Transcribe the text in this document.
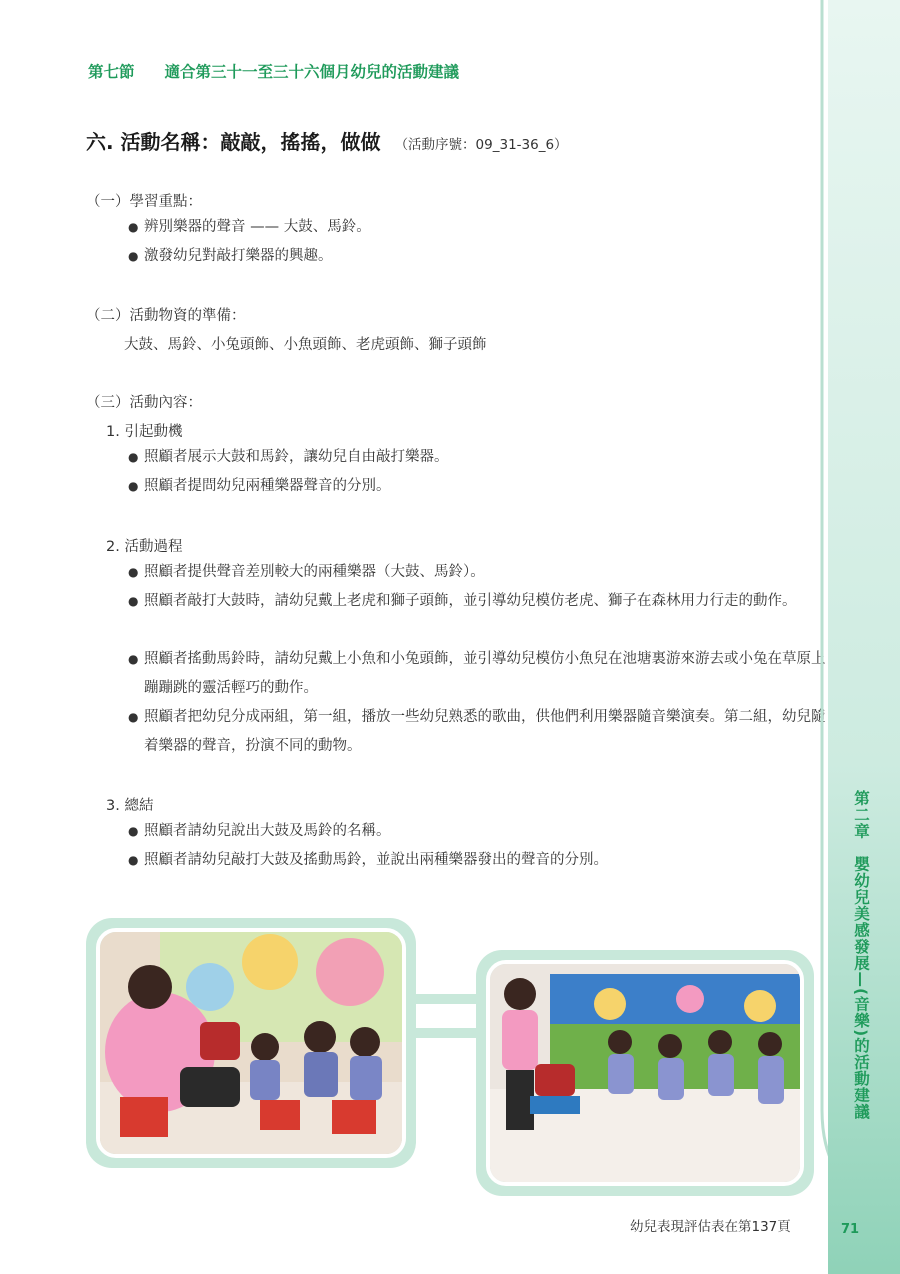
第七節 適合第三十一至三十六個月幼兒的活動建議
六. 活動名稱：敲敲，搖搖，做做 （活動序號：09_31-36_6）
（一）學習重點：
● 辨別樂器的聲音 —— 大鼓、馬鈴。
● 激發幼兒對敲打樂器的興趣。
（二）活動物資的準備：
大鼓、馬鈴、小兔頭飾、小魚頭飾、老虎頭飾、獅子頭飾
（三）活動內容：
1. 引起動機
● 照顧者展示大鼓和馬鈴，讓幼兒自由敲打樂器。
● 照顧者提問幼兒兩種樂器聲音的分別。
2. 活動過程
● 照顧者提供聲音差別較大的兩種樂器（大鼓、馬鈴）。
● 照顧者敲打大鼓時，請幼兒戴上老虎和獅子頭飾，並引導幼兒模仿老虎、獅子在森林用力行走的動作。
● 照顧者搖動馬鈴時，請幼兒戴上小魚和小兔頭飾，並引導幼兒模仿小魚兒在池塘裏游來游去或小兔在草原上蹦蹦跳的靈活輕巧的動作。
● 照顧者把幼兒分成兩組，第一組，播放一些幼兒熟悉的歌曲，供他們利用樂器隨音樂演奏。第二組，幼兒隨着樂器的聲音，扮演不同的動物。
3. 總結
● 照顧者請幼兒說出大鼓及馬鈴的名稱。
● 照顧者請幼兒敲打大鼓及搖動馬鈴，並說出兩種樂器發出的聲音的分別。	第二章　嬰幼兒美感發展—(音樂)的活動建議
71
幼兒表現評估表在第137頁
